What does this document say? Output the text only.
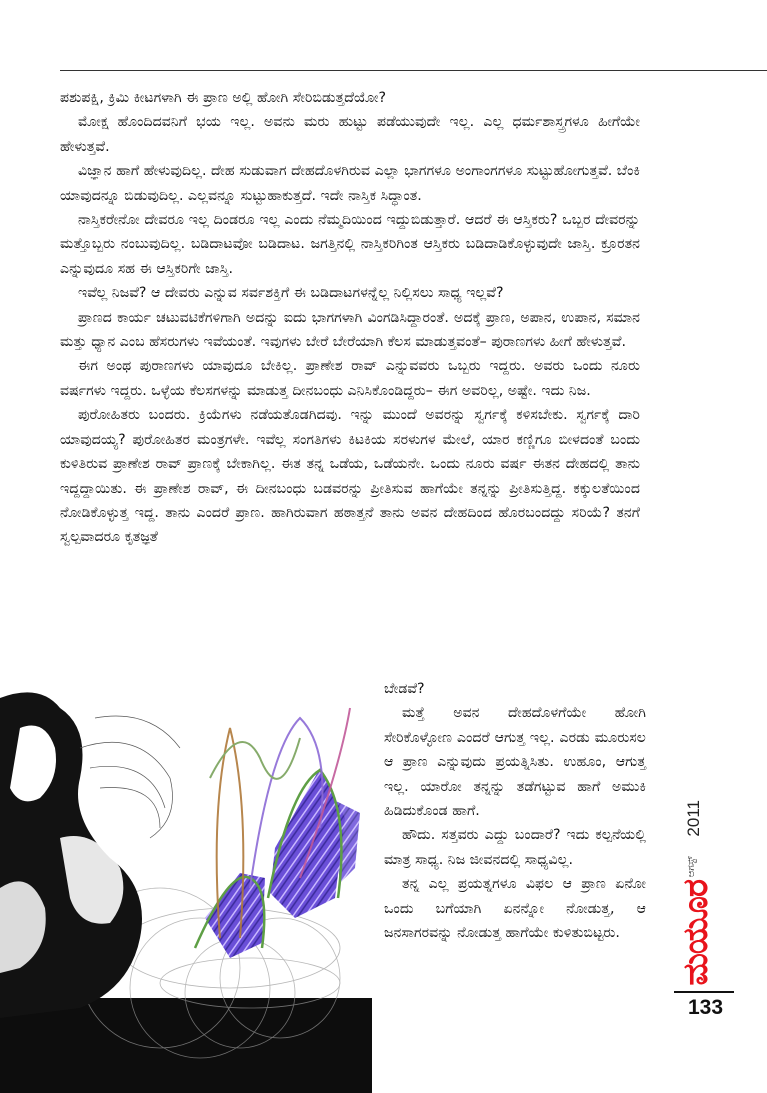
ಪಶುಪಕ್ಷಿ, ಕ್ರಿಮಿ ಕೀಟಗಳಾಗಿ ಈ ಪ್ರಾಣ ಅಲ್ಲಿ ಹೋಗಿ ಸೇರಿಬಿಡುತ್ತದೆಯೋ?

ಮೋಕ್ಷ ಹೊಂದಿದವನಿಗೆ ಭಯ ಇಲ್ಲ. ಅವನು ಮರು ಹುಟ್ಟು ಪಡೆಯುವುದೇ ಇಲ್ಲ. ಎಲ್ಲ ಧರ್ಮಶಾಸ್ತ್ರಗಳೂ ಹೀಗೆಯೇ ಹೇಳುತ್ತವೆ.

ವಿಜ್ಞಾನ ಹಾಗೆ ಹೇಳುವುದಿಲ್ಲ. ದೇಹ ಸುಡುವಾಗ ದೇಹದೊಳಗಿರುವ ಎಲ್ಲಾ ಭಾಗಗಳೂ ಅಂಗಾಂಗಗಳೂ ಸುಟ್ಟುಹೋಗುತ್ತವೆ. ಬೆಂಕಿ ಯಾವುದನ್ನೂ ಬಿಡುವುದಿಲ್ಲ. ಎಲ್ಲವನ್ನೂ ಸುಟ್ಟುಹಾಕುತ್ತದೆ. ಇದೇ ನಾಸ್ತಿಕ ಸಿದ್ಧಾಂತ.

ನಾಸ್ತಿಕರೇನೋ ದೇವರೂ ಇಲ್ಲ ದಿಂಡರೂ ಇಲ್ಲ ಎಂದು ನೆಮ್ಮದಿಯಿಂದ ಇದ್ದುಬಿಡುತ್ತಾರೆ. ಆದರೆ ಈ ಆಸ್ತಿಕರು? ಒಬ್ಬರ ದೇವರನ್ನು ಮತ್ತೊಬ್ಬರು ನಂಬುವುದಿಲ್ಲ. ಬಡಿದಾಟವೋ ಬಡಿದಾಟ. ಜಗತ್ತಿನಲ್ಲಿ ನಾಸ್ತಿಕರಿಗಿಂತ ಆಸ್ತಿಕರು ಬಡಿದಾಡಿಕೊಳ್ಳುವುದೇ ಜಾಸ್ತಿ. ಕ್ರೂರತನ ಎನ್ನುವುದೂ ಸಹ ಈ ಆಸ್ತಿಕರಿಗೇ ಜಾಸ್ತಿ.

ಇವೆಲ್ಲ ನಿಜವೆ? ಆ ದೇವರು ಎನ್ನುವ ಸರ್ವಶಕ್ತಿಗೆ ಈ ಬಡಿದಾಟಗಳನ್ನೆಲ್ಲ ನಿಲ್ಲಿಸಲು ಸಾಧ್ಯ ಇಲ್ಲವೆ?

ಪ್ರಾಣದ ಕಾರ್ಯ ಚಟುವಟಿಕೆಗಳಿಗಾಗಿ ಅದನ್ನು ಐದು ಭಾಗಗಳಾಗಿ ವಿಂಗಡಿಸಿದ್ದಾರಂತೆ. ಅದಕ್ಕೆ ಪ್ರಾಣ, ಅಪಾನ, ಉಪಾನ, ಸಮಾನ ಮತ್ತು ಧ್ಯಾನ ಎಂಬ ಹೆಸರುಗಳು ಇವೆಯಂತೆ. ಇವುಗಳು ಬೇರೆ ಬೇರೆಯಾಗಿ ಕೆಲಸ ಮಾಡುತ್ತವಂತೆ– ಪುರಾಣಗಳು ಹೀಗೆ ಹೇಳುತ್ತವೆ.

ಈಗ ಅಂಥ ಪುರಾಣಗಳು ಯಾವುದೂ ಬೇಕಿಲ್ಲ. ಪ್ರಾಣೇಶ ರಾವ್ ಎನ್ನುವವರು ಒಬ್ಬರು ಇದ್ದರು. ಅವರು ಒಂದು ನೂರು ವರ್ಷಗಳು ಇದ್ದರು. ಒಳ್ಳೆಯ ಕೆಲಸಗಳನ್ನು ಮಾಡುತ್ತ ದೀನಬಂಧು ಎನಿಸಿಕೊಂಡಿದ್ದರು– ಈಗ ಅವರಿಲ್ಲ, ಅಷ್ಟೇ. ಇದು ನಿಜ.

ಪುರೋಹಿತರು ಬಂದರು. ಕ್ರಿಯೆಗಳು ನಡೆಯತೊಡಗಿದವು. ಇನ್ನು ಮುಂದೆ ಅವರನ್ನು ಸ್ವರ್ಗಕ್ಕೆ ಕಳಿಸಬೇಕು. ಸ್ವರ್ಗಕ್ಕೆ ದಾರಿ ಯಾವುದಯ್ಯ? ಪುರೋಹಿತರ ಮಂತ್ರಗಳೇ. ಇವೆಲ್ಲ ಸಂಗತಿಗಳು ಕಿಟಕಿಯ ಸರಳುಗಳ ಮೇಲೆ, ಯಾರ ಕಣ್ಣಿಗೂ ಬೀಳದಂತೆ ಬಂದು ಕುಳಿತಿರುವ ಪ್ರಾಣೇಶ ರಾವ್ ಪ್ರಾಣಕ್ಕೆ ಬೇಕಾಗಿಲ್ಲ. ಈತ ತನ್ನ ಒಡೆಯ, ಒಡೆಯನೇ. ಒಂದು ನೂರು ವರ್ಷ ಈತನ ದೇಹದಲ್ಲಿ ತಾನು ಇದ್ದದ್ದಾಯಿತು. ಈ ಪ್ರಾಣೇಶ ರಾವ್, ಈ ದೀನಬಂಧು ಬಡವರನ್ನು ಪ್ರೀತಿಸುವ ಹಾಗೆಯೇ ತನ್ನನ್ನು ಪ್ರೀತಿಸುತ್ತಿದ್ದ. ಕಕ್ಕುಲತೆಯಿಂದ ನೋಡಿಕೊಳ್ಳುತ್ತ ಇದ್ದ. ತಾನು ಎಂದರೆ ಪ್ರಾಣ. ಹಾಗಿರುವಾಗ ಹಠಾತ್ತನೆ ತಾನು ಅವನ ದೇಹದಿಂದ ಹೊರಬಂದದ್ದು ಸರಿಯೆ? ತನಗೆ ಸ್ವಲ್ಪವಾದರೂ ಕೃತಜ್ಞತೆ

ಬೇಡವೆ?

ಮತ್ತೆ ಅವನ ದೇಹದೊಳಗೆಯೇ ಹೋಗಿ ಸೇರಿಕೊಳ್ಳೋಣ ಎಂದರೆ ಆಗುತ್ತ ಇಲ್ಲ. ಎರಡು ಮೂರುಸಲ ಆ ಪ್ರಾಣ ಎನ್ನುವುದು ಪ್ರಯತ್ನಿಸಿತು. ಉಹೂಂ, ಆಗುತ್ತ ಇಲ್ಲ. ಯಾರೋ ತನ್ನನ್ನು ತಡೆಗಟ್ಟುವ ಹಾಗೆ ಅಮುಕಿ ಹಿಡಿದುಕೊಂಡ ಹಾಗೆ.

ಹೌದು. ಸತ್ತವರು ಎದ್ದು ಬಂದಾರೆ? ಇದು ಕಲ್ಪನೆಯಲ್ಲಿ ಮಾತ್ರ ಸಾಧ್ಯ. ನಿಜ ಜೀವನದಲ್ಲಿ ಸಾಧ್ಯವಿಲ್ಲ.

ತನ್ನ ಎಲ್ಲ ಪ್ರಯತ್ನಗಳೂ ವಿಫಲ ಆ ಪ್ರಾಣ ಏನೋ ಒಂದು ಬಗೆಯಾಗಿ ಏನನ್ನೋ ನೋಡುತ್ತ, ಆ ಜನಸಾಗರವನ್ನು ನೋಡುತ್ತ ಹಾಗೆಯೇ ಕುಳಿತುಬಿಟ್ಟರು.

2011
ಆಗಸ್ಟ್
ಮಯೂರ
133
